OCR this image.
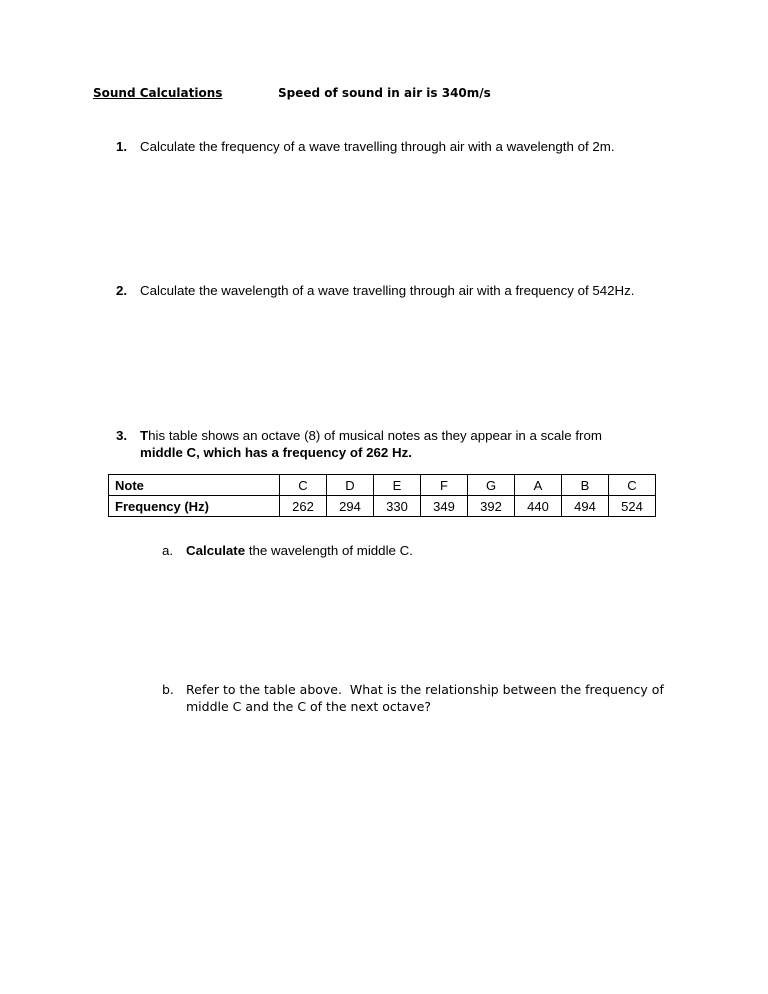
Sound Calculations	Speed of sound in air is 340m/s
1. Calculate the frequency of a wave travelling through air with a wavelength of 2m.
2. Calculate the wavelength of a wave travelling through air with a frequency of 542Hz.
3. This table shows an octave (8) of musical notes as they appear in a scale from
middle C, which has a frequency of 262 Hz.
Note	C	D	E	F	G	A	B	C
Frequency (Hz)	262	294	330	349	392	440	494	524
a. Calculate the wavelength of middle C.
b. Refer to the table above.  What is the relationship between the frequency of
middle C and the C of the next octave?
